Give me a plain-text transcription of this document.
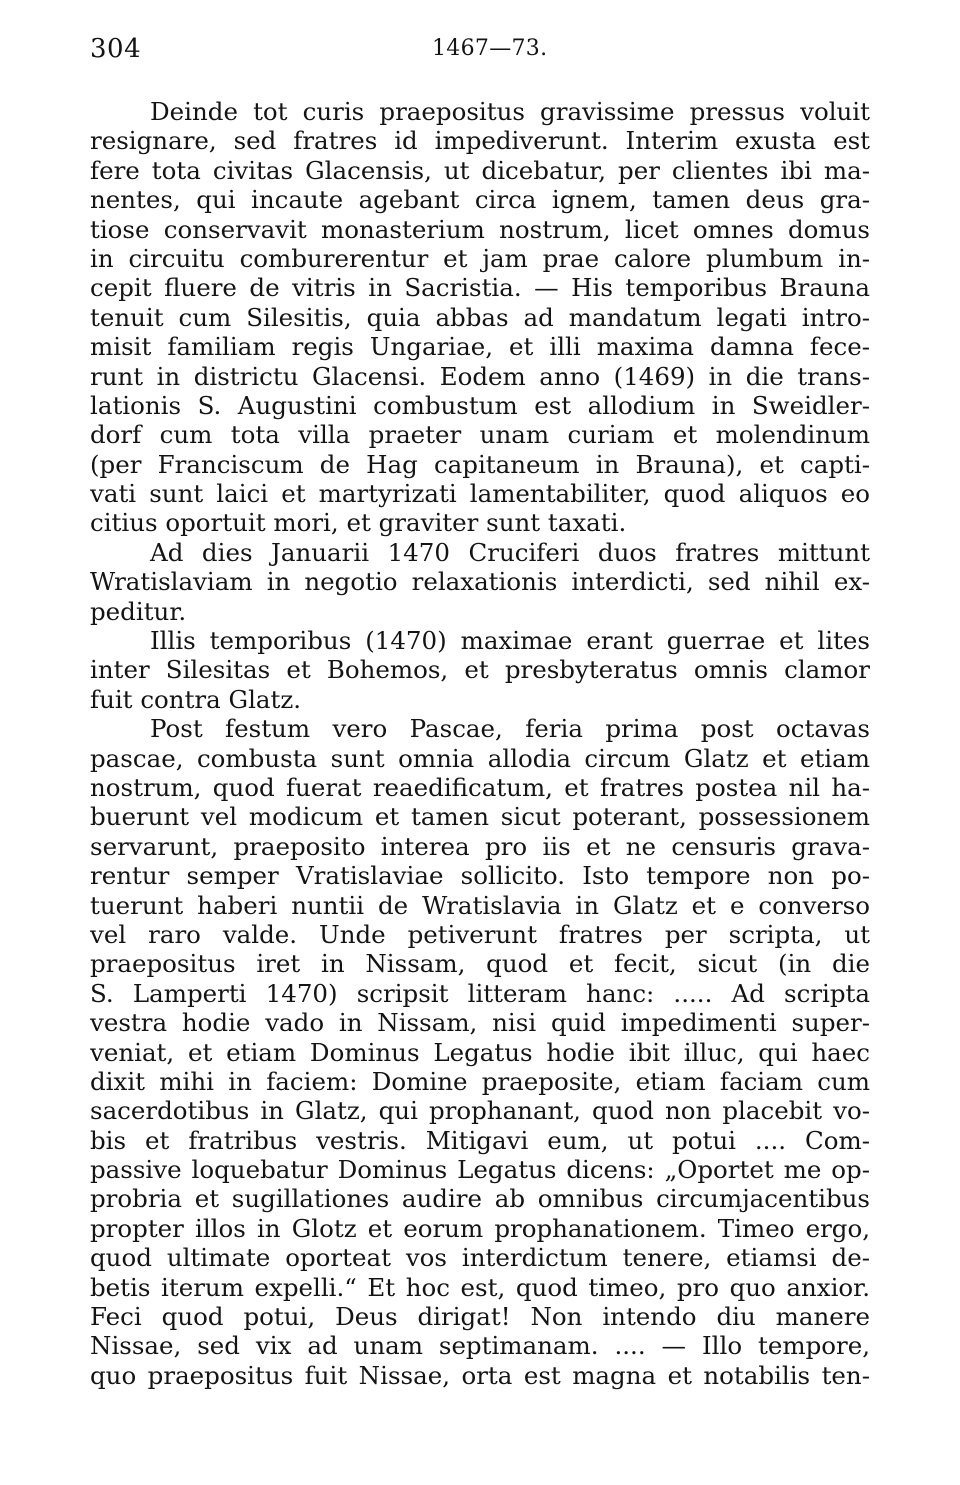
304	1467—73.
Deinde tot curis praepositus gravissime pressus voluit
resignare, sed fratres id impediverunt. Interim exusta est
fere tota civitas Glacensis, ut dicebatur, per clientes ibi ma-
nentes, qui incaute agebant circa ignem, tamen deus gra-
tiose conservavit monasterium nostrum, licet omnes domus
in circuitu comburerentur et jam prae calore plumbum in-
cepit fluere de vitris in Sacristia. — His temporibus Brauna
tenuit cum Silesitis, quia abbas ad mandatum legati intro-
misit familiam regis Ungariae, et illi maxima damna fece-
runt in districtu Glacensi. Eodem anno (1469) in die trans-
lationis S. Augustini combustum est allodium in Sweidler-
dorf cum tota villa praeter unam curiam et molendinum
(per Franciscum de Hag capitaneum in Brauna), et capti-
vati sunt laici et martyrizati lamentabiliter, quod aliquos eo
citius oportuit mori, et graviter sunt taxati.
Ad dies Januarii 1470 Cruciferi duos fratres mittunt
Wratislaviam in negotio relaxationis interdicti, sed nihil ex-
peditur.
Illis temporibus (1470) maximae erant guerrae et lites
inter Silesitas et Bohemos, et presbyteratus omnis clamor
fuit contra Glatz.
Post festum vero Pascae, feria prima post octavas
pascae, combusta sunt omnia allodia circum Glatz et etiam
nostrum, quod fuerat reaedificatum, et fratres postea nil ha-
buerunt vel modicum et tamen sicut poterant, possessionem
servarunt, praeposito interea pro iis et ne censuris grava-
rentur semper Vratislaviae sollicito. Isto tempore non po-
tuerunt haberi nuntii de Wratislavia in Glatz et e converso
vel raro valde. Unde petiverunt fratres per scripta, ut
praepositus iret in Nissam, quod et fecit, sicut (in die
S. Lamperti 1470) scripsit litteram hanc: ..... Ad scripta
vestra hodie vado in Nissam, nisi quid impedimenti super-
veniat, et etiam Dominus Legatus hodie ibit illuc, qui haec
dixit mihi in faciem: Domine praeposite, etiam faciam cum
sacerdotibus in Glatz, qui prophanant, quod non placebit vo-
bis et fratribus vestris. Mitigavi eum, ut potui .... Com-
passive loquebatur Dominus Legatus dicens: „Oportet me op-
probria et sugillationes audire ab omnibus circumjacentibus
propter illos in Glotz et eorum prophanationem. Timeo ergo,
quod ultimate oporteat vos interdictum tenere, etiamsi de-
betis iterum expelli.“ Et hoc est, quod timeo, pro quo anxior.
Feci quod potui, Deus dirigat! Non intendo diu manere
Nissae, sed vix ad unam septimanam. .... — Illo tempore,
quo praepositus fuit Nissae, orta est magna et notabilis ten-
